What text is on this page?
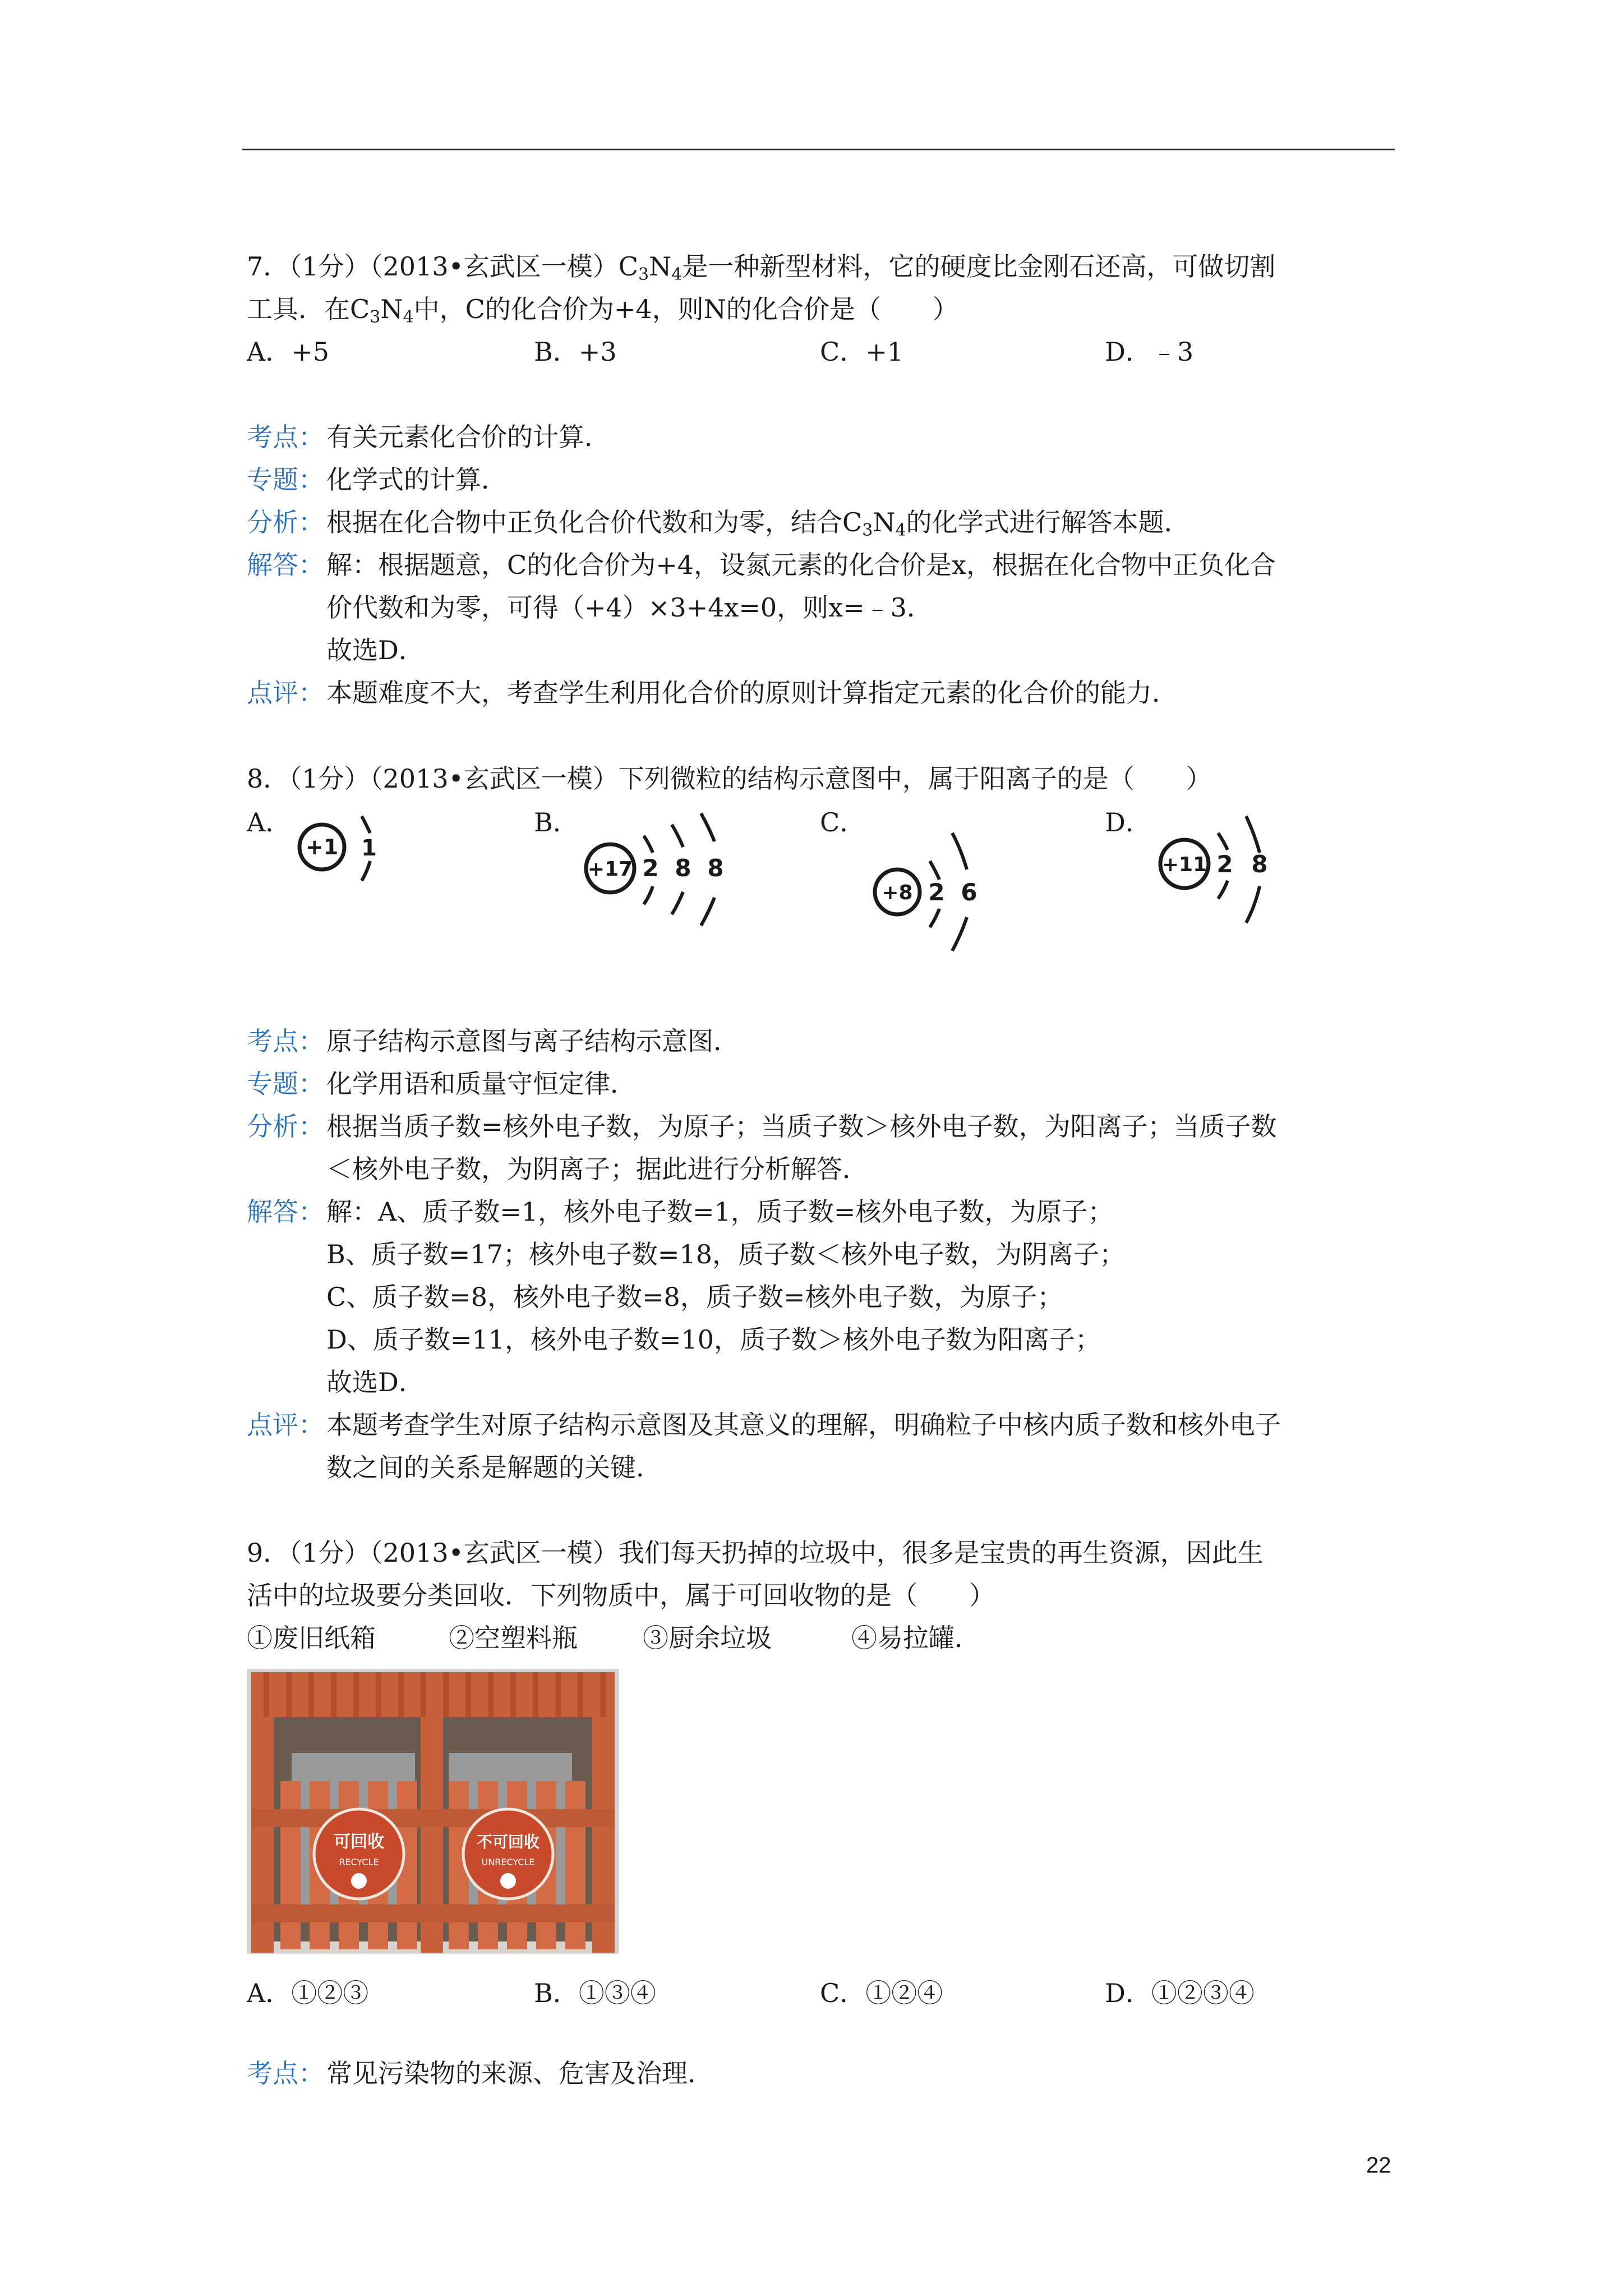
7．（1分）（2013•玄武区一模）$C_3N_4$是一种新型材料，它的硬度比金刚石还高，可做切割
工具．在$C_3N_4$中，C的化合价为+4，则N的化合价是（　　）
A．+5	B．+3	C．+1	D．﹣3
考点： 有关元素化合价的计算．
专题： 化学式的计算．
分析： 根据在化合物中正负化合价代数和为零，结合$C_3N_4$的化学式进行解答本题．
解答： 解：根据题意，C的化合价为+4，设氮元素的化合价是x，根据在化合物中正负化合
价代数和为零，可得（+4）×3+4x=0，则x=﹣3．
故选D．
点评： 本题难度不大，考查学生利用化合价的原则计算指定元素的化合价的能力．
8．（1分）（2013•玄武区一模）下列微粒的结构示意图中，属于阳离子的是（　　）
A．	B．	C．	D．
+1 1
+17 2 8 8
+8 2 6
+11 2 8
考点： 原子结构示意图与离子结构示意图．
专题： 化学用语和质量守恒定律．
分析： 根据当质子数=核外电子数，为原子；当质子数＞核外电子数，为阳离子；当质子数
＜核外电子数，为阴离子；据此进行分析解答．
解答： 解：A、质子数=1，核外电子数=1，质子数=核外电子数，为原子；
B、质子数=17；核外电子数=18，质子数＜核外电子数，为阴离子；
C、质子数=8，核外电子数=8，质子数=核外电子数，为原子；
D、质子数=11，核外电子数=10，质子数＞核外电子数为阳离子；
故选D．
点评： 本题考查学生对原子结构示意图及其意义的理解，明确粒子中核内质子数和核外电子
数之间的关系是解题的关键．
9．（1分）（2013•玄武区一模）我们每天扔掉的垃圾中，很多是宝贵的再生资源，因此生
活中的垃圾要分类回收．下列物质中，属于可回收物的是（　　）
①废旧纸箱	②空塑料瓶	③厨余垃圾	④易拉罐．
可回收
RECYCLE
不可回收
UNRECYCLE
A．①②③	B．①③④	C．①②④	D．①②③④
考点： 常见污染物的来源、危害及治理．
22
